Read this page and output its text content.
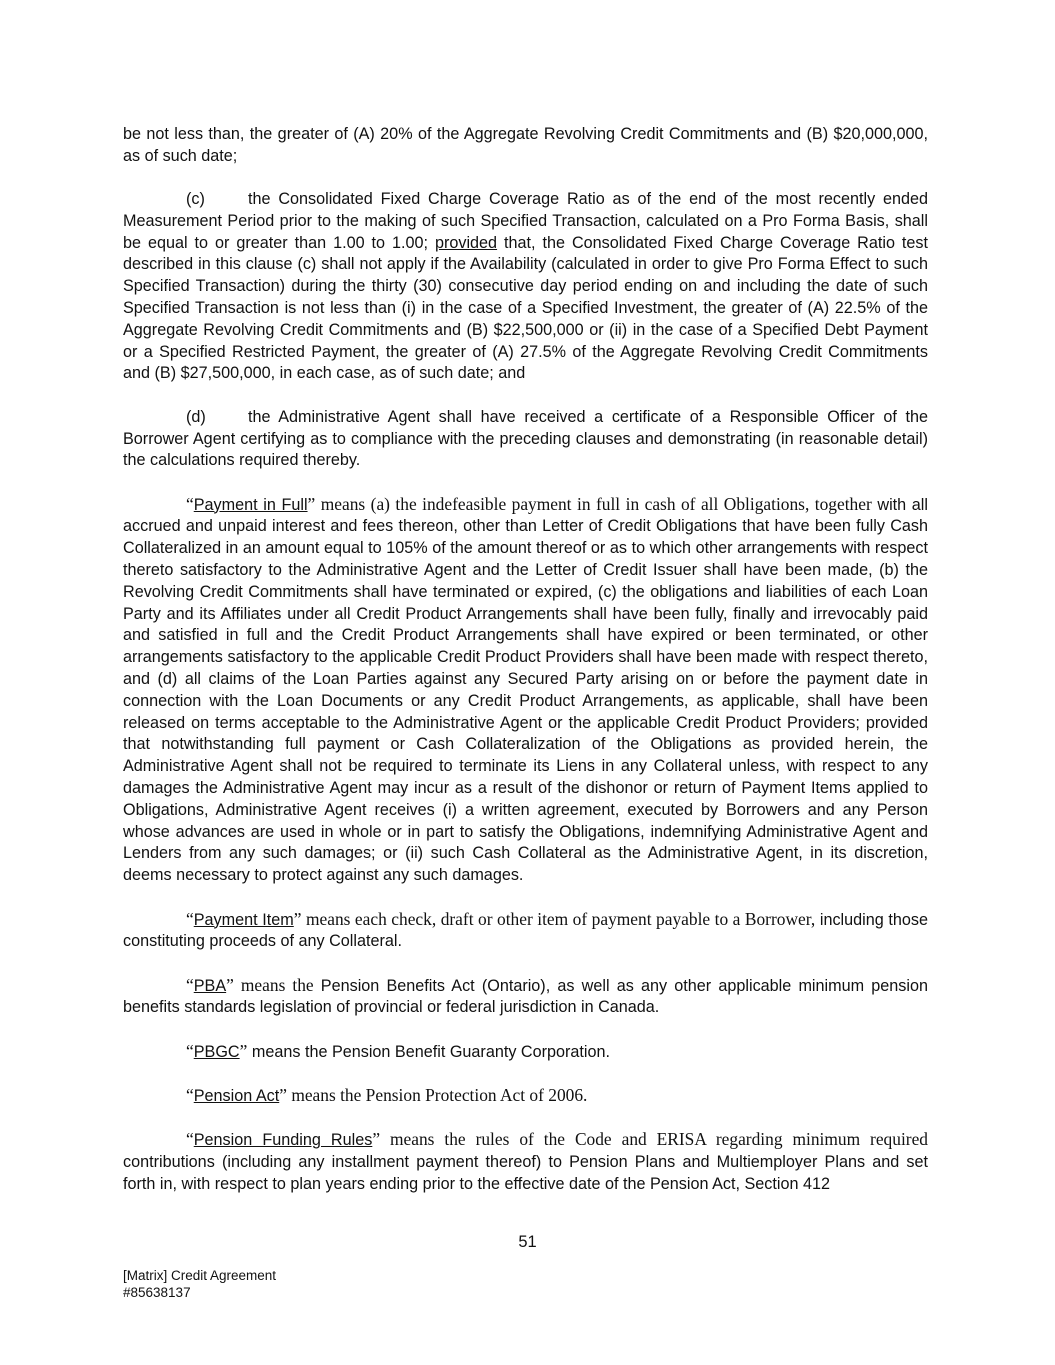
be not less than, the greater of (A) 20% of the Aggregate Revolving Credit Commitments and (B) $20,000,000, as of such date;

(c)	the Consolidated Fixed Charge Coverage Ratio as of the end of the most recently ended Measurement Period prior to the making of such Specified Transaction, calculated on a Pro Forma Basis, shall be equal to or greater than 1.00 to 1.00; provided that, the Consolidated Fixed Charge Coverage Ratio test described in this clause (c) shall not apply if the Availability (calculated in order to give Pro Forma Effect to such Specified Transaction) during the thirty (30) consecutive day period ending on and including the date of such Specified Transaction is not less than (i) in the case of a Specified Investment, the greater of (A) 22.5% of the Aggregate Revolving Credit Commitments and (B) $22,500,000 or (ii) in the case of a Specified Debt Payment or a Specified Restricted Payment, the greater of (A) 27.5% of the Aggregate Revolving Credit Commitments and (B) $27,500,000, in each case, as of such date; and

(d)	the Administrative Agent shall have received a certificate of a Responsible Officer of the Borrower Agent certifying as to compliance with the preceding clauses and demonstrating (in reasonable detail) the calculations required thereby.

“Payment in Full” means (a) the indefeasible payment in full in cash of all Obligations, together with all accrued and unpaid interest and fees thereon, other than Letter of Credit Obligations that have been fully Cash Collateralized in an amount equal to 105% of the amount thereof or as to which other arrangements with respect thereto satisfactory to the Administrative Agent and the Letter of Credit Issuer shall have been made, (b) the Revolving Credit Commitments shall have terminated or expired, (c) the obligations and liabilities of each Loan Party and its Affiliates under all Credit Product Arrangements shall have been fully, finally and irrevocably paid and satisfied in full and the Credit Product Arrangements shall have expired or been terminated, or other arrangements satisfactory to the applicable Credit Product Providers shall have been made with respect thereto, and (d) all claims of the Loan Parties against any Secured Party arising on or before the payment date in connection with the Loan Documents or any Credit Product Arrangements, as applicable, shall have been released on terms acceptable to the Administrative Agent or the applicable Credit Product Providers; provided that notwithstanding full payment or Cash Collateralization of the Obligations as provided herein, the Administrative Agent shall not be required to terminate its Liens in any Collateral unless, with respect to any damages the Administrative Agent may incur as a result of the dishonor or return of Payment Items applied to Obligations, Administrative Agent receives (i) a written agreement, executed by Borrowers and any Person whose advances are used in whole or in part to satisfy the Obligations, indemnifying Administrative Agent and Lenders from any such damages; or (ii) such Cash Collateral as the Administrative Agent, in its discretion, deems necessary to protect against any such damages.

“Payment Item” means each check, draft or other item of payment payable to a Borrower, including those constituting proceeds of any Collateral.

“PBA” means the Pension Benefits Act (Ontario), as well as any other applicable minimum pension benefits standards legislation of provincial or federal jurisdiction in Canada.

“PBGC” means the Pension Benefit Guaranty Corporation.

“Pension Act” means the Pension Protection Act of 2006.

“Pension Funding Rules” means the rules of the Code and ERISA regarding minimum required contributions (including any installment payment thereof) to Pension Plans and Multiemployer Plans and set forth in, with respect to plan years ending prior to the effective date of the Pension Act, Section 412

51
[Matrix] Credit Agreement
#85638137
